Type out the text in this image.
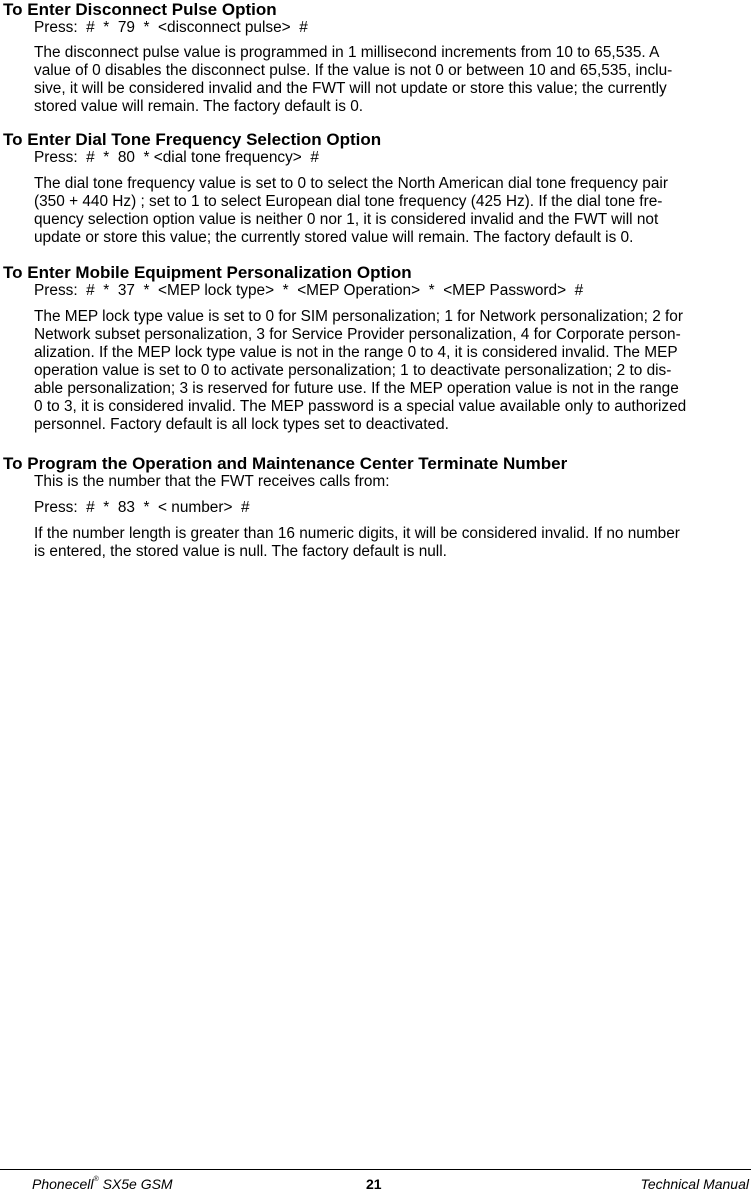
To Enter Disconnect Pulse Option
Press:  #  *  79  *  <disconnect pulse>  #

The disconnect pulse value is programmed in 1 millisecond increments from 10 to 65,535. A
value of 0 disables the disconnect pulse. If the value is not 0 or between 10 and 65,535, inclu-
sive, it will be considered invalid and the FWT will not update or store this value; the currently
stored value will remain. The factory default is 0.

To Enter Dial Tone Frequency Selection Option
Press:  #  *  80  * <dial tone frequency>  #

The dial tone frequency value is set to 0 to select the North American dial tone frequency pair
(350 + 440 Hz) ; set to 1 to select European dial tone frequency (425 Hz). If the dial tone fre-
quency selection option value is neither 0 nor 1, it is considered invalid and the FWT will not
update or store this value; the currently stored value will remain. The factory default is 0.

To Enter Mobile Equipment Personalization Option
Press:  #  *  37  *  <MEP lock type>  *  <MEP Operation>  *  <MEP Password>  #

The MEP lock type value is set to 0 for SIM personalization; 1 for Network personalization; 2 for
Network subset personalization, 3 for Service Provider personalization, 4 for Corporate person-
alization. If the MEP lock type value is not in the range 0 to 4, it is considered invalid. The MEP
operation value is set to 0 to activate personalization; 1 to deactivate personalization; 2 to dis-
able personalization; 3 is reserved for future use. If the MEP operation value is not in the range
0 to 3, it is considered invalid. The MEP password is a special value available only to authorized
personnel. Factory default is all lock types set to deactivated.

To Program the Operation and Maintenance Center Terminate Number
This is the number that the FWT receives calls from:
Press:  #  *  83  *  < number>  #

If the number length is greater than 16 numeric digits, it will be considered invalid. If no number
is entered, the stored value is null. The factory default is null.

Phonecell® SX5e GSM	21	Technical Manual
